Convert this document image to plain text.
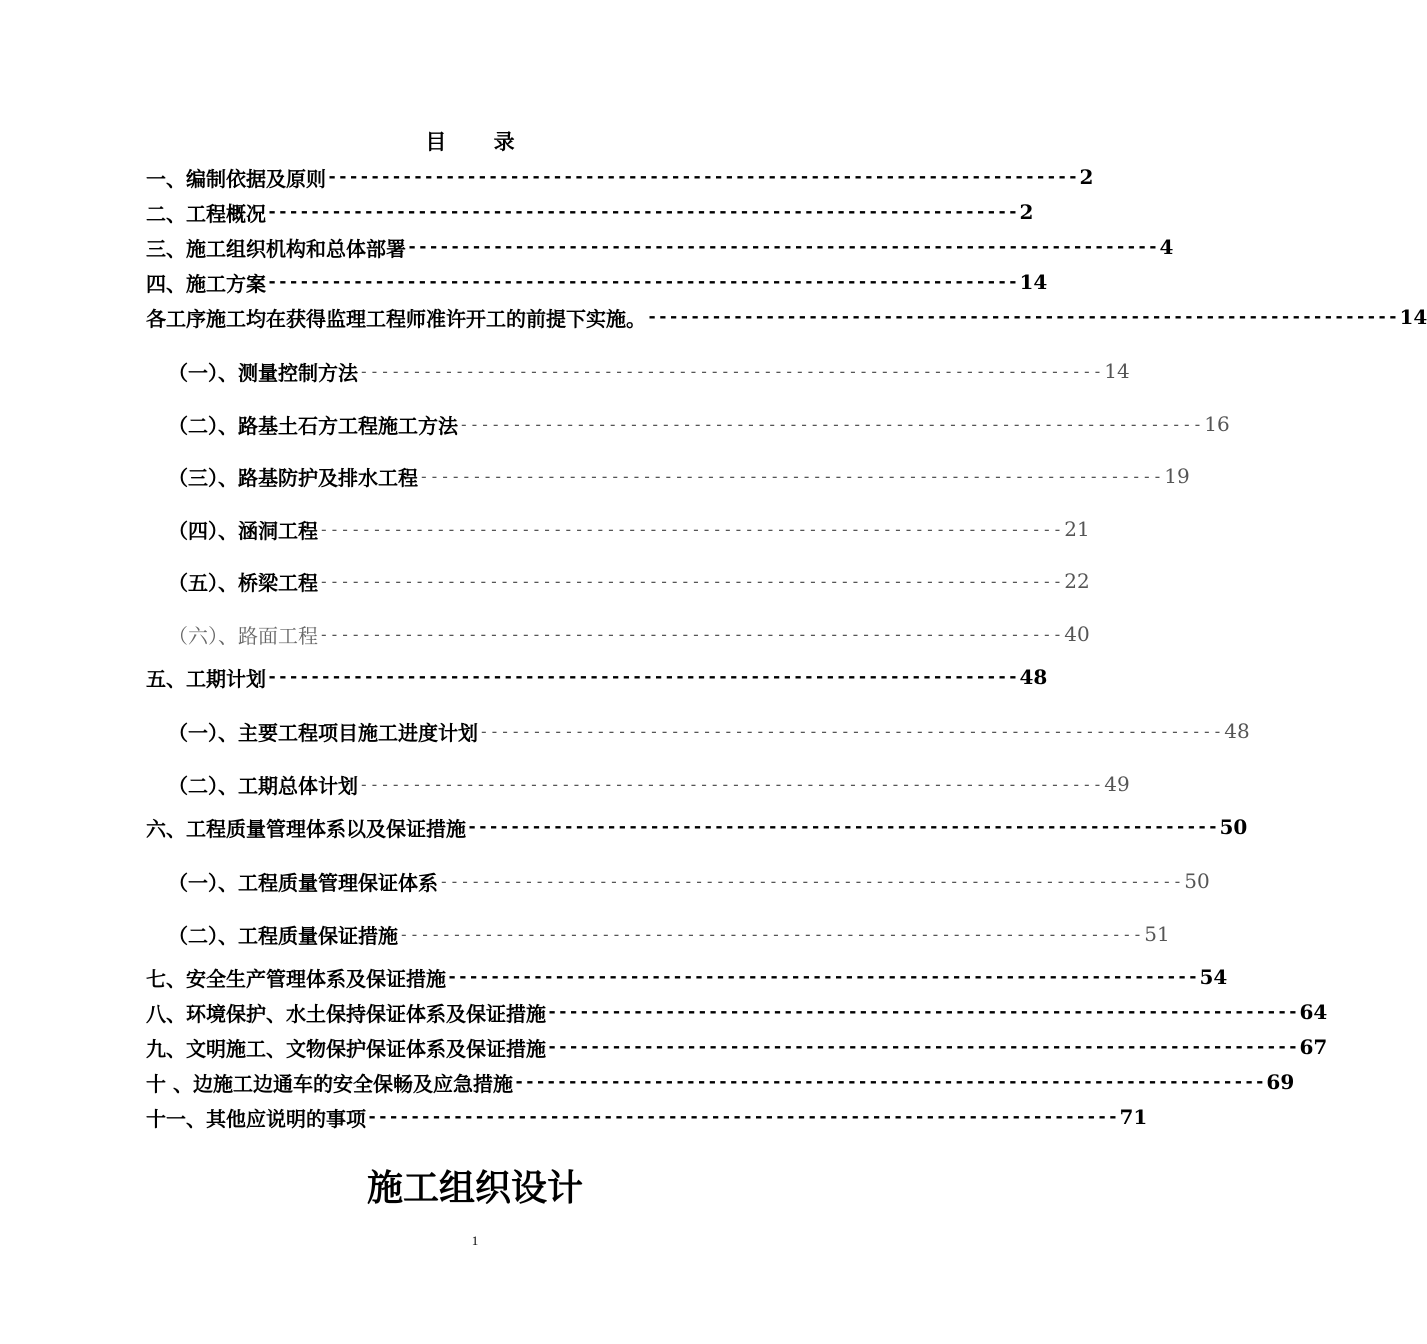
目 录
一、编制依据及原则 ---------------------------------------------------------------------- 2
二、工程概况 ---------------------------------------------------------------------- 2
三、施工组织机构和总体部署 ---------------------------------------------------------------------- 4
四、施工方案 ---------------------------------------------------------------------- 14
各工序施工均在获得监理工程师准许开工的前提下实施。 ---------------------------------------------------------------------- 14
（一）、测量控制方法 ---------------------------------------------------------------------- 14
（二）、路基土石方工程施工方法 ---------------------------------------------------------------------- 16
（三）、路基防护及排水工程 ---------------------------------------------------------------------- 19
（四）、涵洞工程 ---------------------------------------------------------------------- 21
（五）、桥梁工程 ---------------------------------------------------------------------- 22
（六）、路面工程 ---------------------------------------------------------------------- 40
五、工期计划 ---------------------------------------------------------------------- 48
（一）、主要工程项目施工进度计划 ---------------------------------------------------------------------- 48
（二）、工期总体计划 ---------------------------------------------------------------------- 49
六、工程质量管理体系以及保证措施 ---------------------------------------------------------------------- 50
（一）、工程质量管理保证体系 ---------------------------------------------------------------------- 50
（二）、工程质量保证措施 ---------------------------------------------------------------------- 51
七、安全生产管理体系及保证措施 ---------------------------------------------------------------------- 54
八、环境保护、水土保持保证体系及保证措施 ---------------------------------------------------------------------- 64
九、文明施工、文物保护保证体系及保证措施 ---------------------------------------------------------------------- 67
十 、边施工边通车的安全保畅及应急措施 ---------------------------------------------------------------------- 69
十一、其他应说明的事项 ---------------------------------------------------------------------- 71
施工组织设计
1
